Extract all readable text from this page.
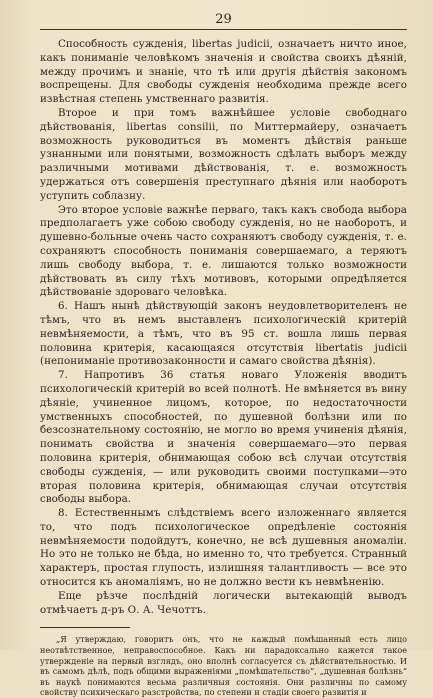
29

Способность сужденія, libertas judicii, означаетъ ничто иное, какъ пониманіе человѣкомъ значенія и свойства своихъ дѣяній, между прочимъ и знаніе, что тѣ или другія дѣйствія закономъ воспрещены. Для свободы сужденія необходима прежде всего извѣстная степень умственнаго развитія.

Второе и при томъ важнѣйшее условіе свободнаго дѣйствованія, libertas consilii, по Миттермайеру, означаетъ возможность руководиться въ моментъ дѣйствія раньше узнанными или понятыми, возможность сдѣлать выборъ между различными мотивами дѣйствованія, т. е. возможность удержаться отъ совершенія преступнаго дѣянія или наоборотъ уступить соблазну.

Это второе условіе важнѣе перваго, такъ какъ свобода выбора предполагаетъ уже собою свободу сужденія, но не наоборотъ, и душевно-больные очень часто сохраняютъ свободу сужденія, т. е. сохраняютъ способность пониманія совершаемаго, а теряютъ лишь свободу выбора, т. е. лишаются только возможности дѣйствовать въ силу тѣхъ мотивовъ, которыми опредѣляется дѣйствованіе здороваго человѣка.

6. Нашъ нынѣ дѣйствующій законъ неудовлетворителенъ не тѣмъ, что въ немъ выставленъ психологическій критерій невмѣняемости, а тѣмъ, что въ 95 ст. вошла лишь первая половина критерія, касающаяся отсутствія libertatis judicii (непониманіе противозаконности и самаго свойства дѣянія).

7. Напротивъ 36 статья новаго Уложенія вводитъ психологическій критерій во всей полнотѣ. Не вмѣняется въ вину дѣяніе, учиненное лицомъ, которое, по недостаточности умственныхъ способностей, по душевной болѣзни или по безсознательному состоянію, не могло во время учиненія дѣянія, понимать свойства и значенія совершаемаго—это первая половина критерія, обнимающая собою всѣ случаи отсутствія свободы сужденія, — или руководить своими поступками—это вторая половина критерія, обнимающая случаи отсутствія свободы выбора.

8. Естественнымъ слѣдствіемъ всего изложеннаго является то, что подъ психологическое опредѣленіе состоянія невмѣняемости подойдутъ, конечно, не всѣ душевныя аномаліи. Но это не только не бѣда, но именно то, что требуется. Странный характеръ, простая глупость, излишняя талантливость — все это относится къ аномаліямъ, но не должно вести къ невмѣненію.

Еще рѣзче послѣдній логически вытекающій выводъ отмѣчаетъ д-ръ О. А. Чечоттъ.

„Я утверждаю, говоритъ онъ, что не каждый помѣшанный есть лицо неотвѣтственное, неправоспособное. Какъ ни парадоксально кажется такое утвержденіе на первый взглядъ, оно вполнѣ согласуется съ дѣйствительностью. И въ самомъ дѣлѣ, подъ общими выраженіями „помѣшательство“, „душевная болѣзнь“ въ наукѣ понимаются весьма различныя состоянія. Они различны по самому свойству психическаго разстройства, по степени и стадіи своего развитія и
